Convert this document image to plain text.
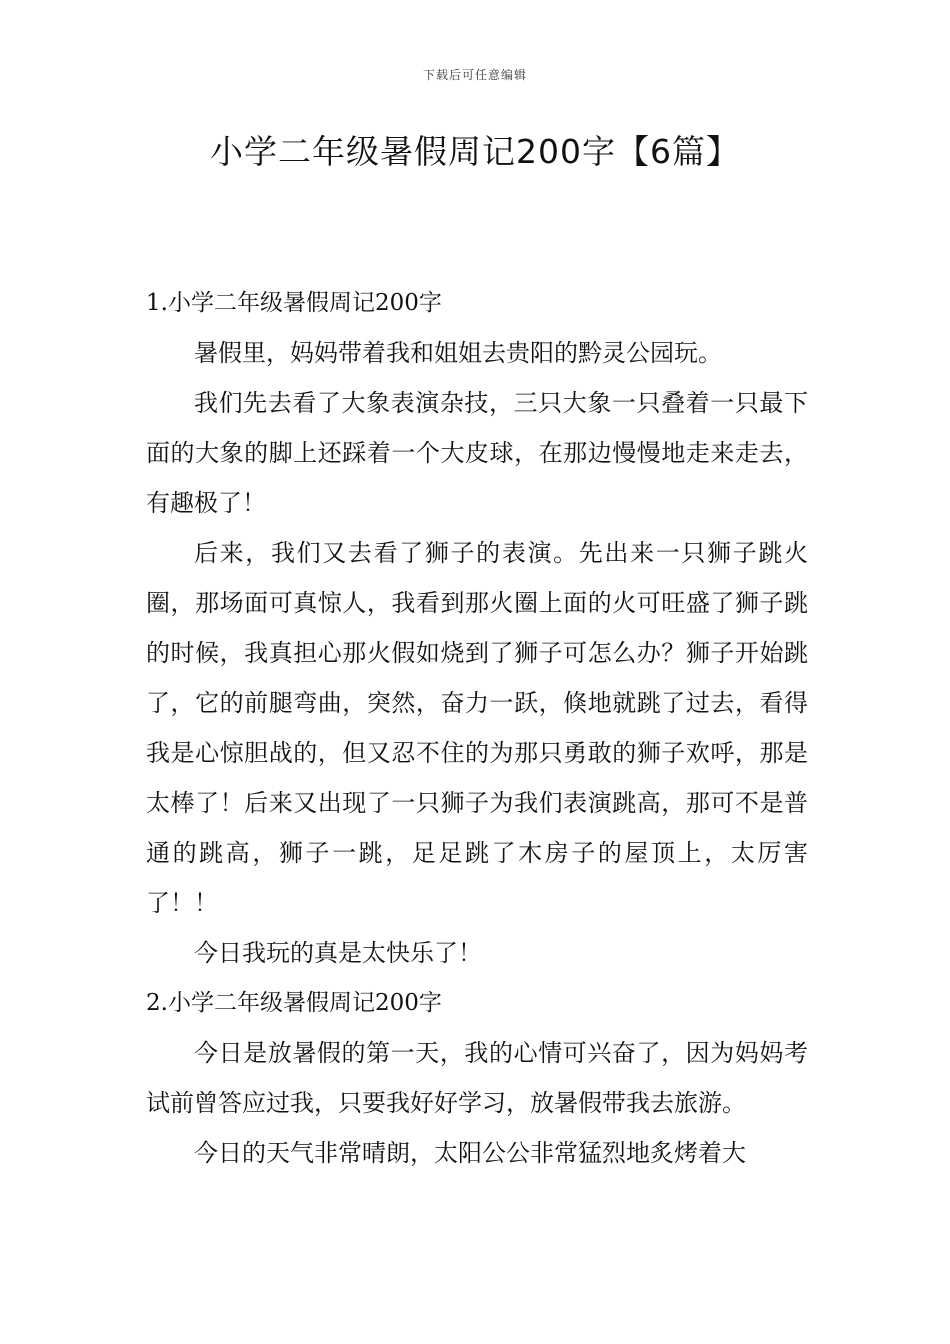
下载后可任意编辑
小学二年级暑假周记200字【6篇】
1.小学二年级暑假周记200字

暑假里，妈妈带着我和姐姐去贵阳的黔灵公园玩。

我们先去看了大象表演杂技，三只大象一只叠着一只最下面的大象的脚上还踩着一个大皮球，在那边慢慢地走来走去，有趣极了！

后来，我们又去看了狮子的表演。先出来一只狮子跳火圈，那场面可真惊人，我看到那火圈上面的火可旺盛了狮子跳的时候，我真担心那火假如烧到了狮子可怎么办？狮子开始跳了，它的前腿弯曲，突然，奋力一跃，倏地就跳了过去，看得我是心惊胆战的，但又忍不住的为那只勇敢的狮子欢呼，那是太棒了！后来又出现了一只狮子为我们表演跳高，那可不是普通的跳高，狮子一跳，足足跳了木房子的屋顶上，太厉害了！！

今日我玩的真是太快乐了！

2.小学二年级暑假周记200字

今日是放暑假的第一天，我的心情可兴奋了，因为妈妈考试前曾答应过我，只要我好好学习，放暑假带我去旅游。

今日的天气非常晴朗，太阳公公非常猛烈地炙烤着大
